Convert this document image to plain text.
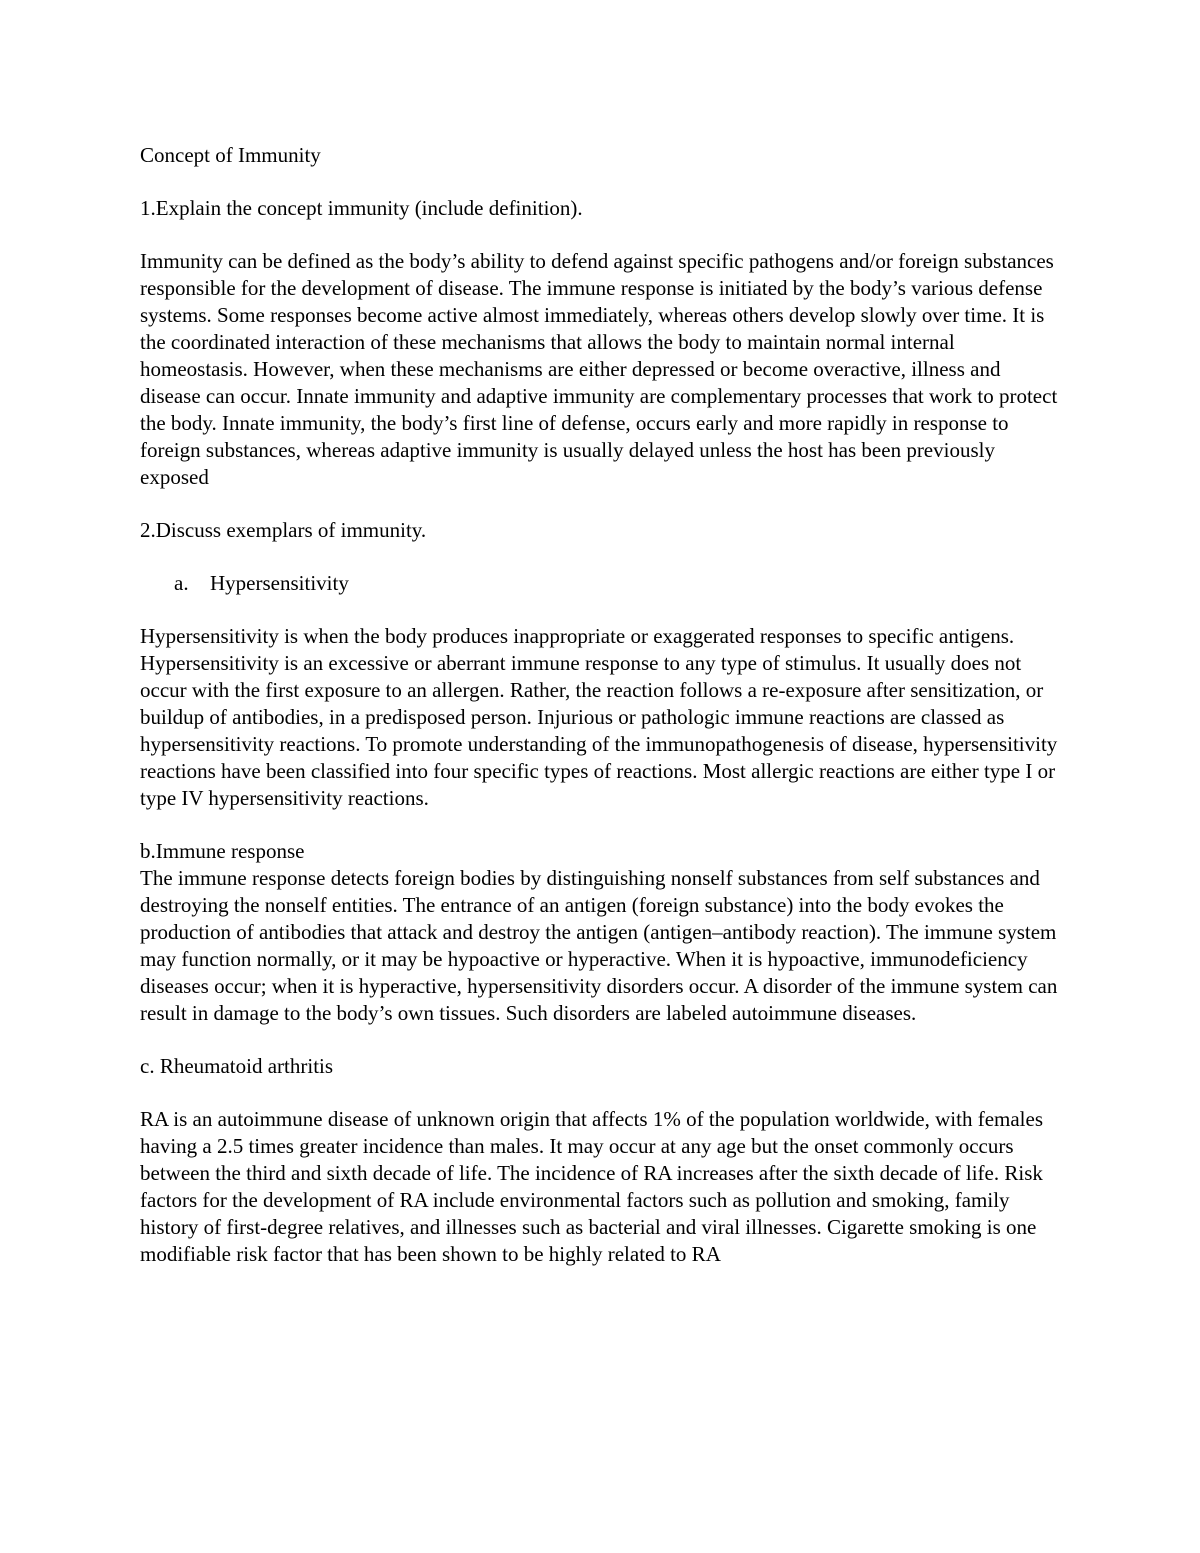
Concept of Immunity

1.Explain the concept immunity (include definition).

Immunity can be defined as the body’s ability to defend against specific pathogens and/or foreign substances responsible for the development of disease. The immune response is initiated by the body’s various defense systems. Some responses become active almost immediately, whereas others develop slowly over time. It is the coordinated interaction of these mechanisms that allows the body to maintain normal internal homeostasis. However, when these mechanisms are either depressed or become overactive, illness and disease can occur. Innate immunity and adaptive immunity are complementary processes that work to protect the body. Innate immunity, the body’s first line of defense, occurs early and more rapidly in response to foreign substances, whereas adaptive immunity is usually delayed unless the host has been previously exposed

2.Discuss exemplars of immunity.

a. Hypersensitivity

Hypersensitivity is when the body produces inappropriate or exaggerated responses to specific antigens. Hypersensitivity is an excessive or aberrant immune response to any type of stimulus. It usually does not occur with the first exposure to an allergen. Rather, the reaction follows a re-exposure after sensitization, or buildup of antibodies, in a predisposed person. Injurious or pathologic immune reactions are classed as hypersensitivity reactions. To promote understanding of the immunopathogenesis of disease, hypersensitivity reactions have been classified into four specific types of reactions. Most allergic reactions are either type I or type IV hypersensitivity reactions.

b.Immune response

The immune response detects foreign bodies by distinguishing nonself substances from self substances and destroying the nonself entities. The entrance of an antigen (foreign substance) into the body evokes the production of antibodies that attack and destroy the antigen (antigen–antibody reaction). The immune system may function normally, or it may be hypoactive or hyperactive. When it is hypoactive, immunodeficiency diseases occur; when it is hyperactive, hypersensitivity disorders occur. A disorder of the immune system can result in damage to the body’s own tissues. Such disorders are labeled autoimmune diseases.

c. Rheumatoid arthritis

RA is an autoimmune disease of unknown origin that affects 1% of the population worldwide, with females having a 2.5 times greater incidence than males. It may occur at any age but the onset commonly occurs between the third and sixth decade of life. The incidence of RA increases after the sixth decade of life. Risk factors for the development of RA include environmental factors such as pollution and smoking, family history of first-degree relatives, and illnesses such as bacterial and viral illnesses. Cigarette smoking is one modifiable risk factor that has been shown to be highly related to RA
